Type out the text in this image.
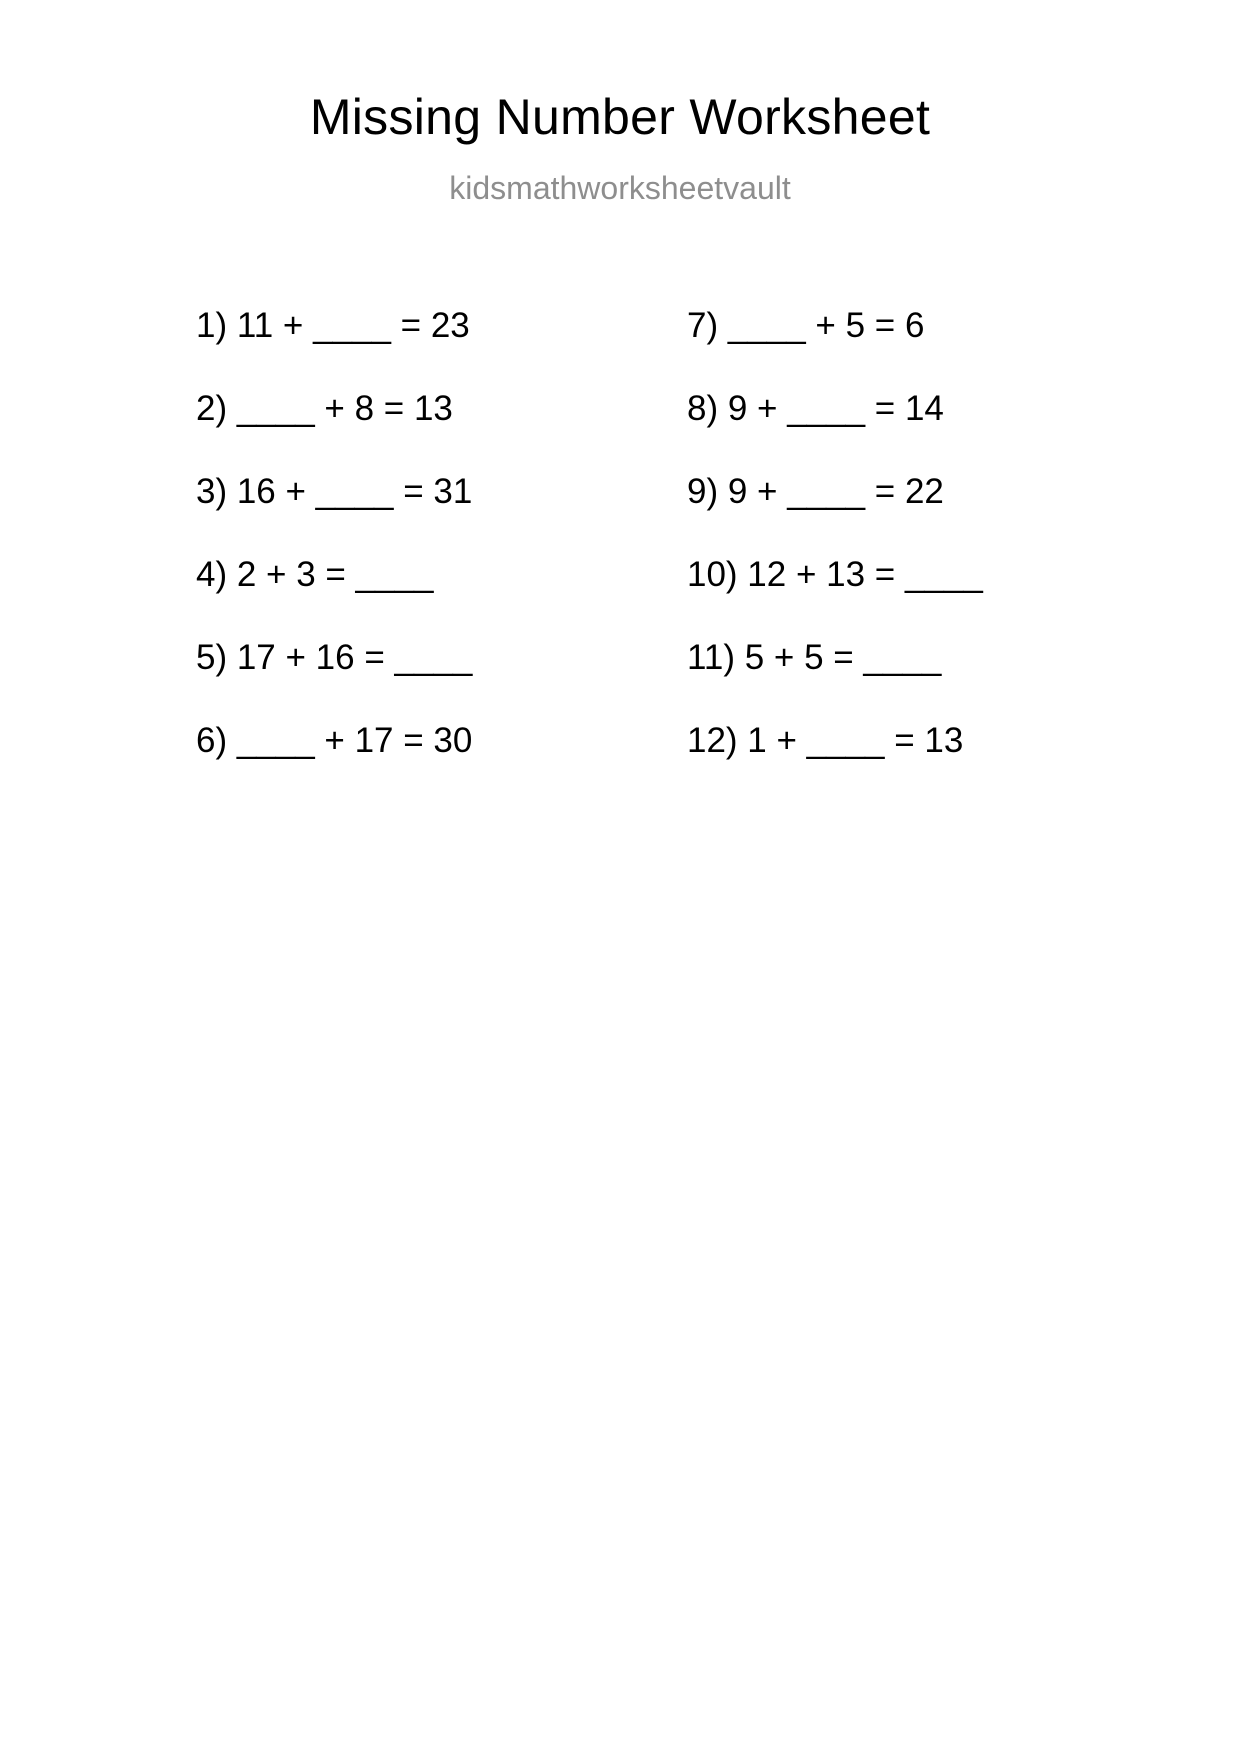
Missing Number Worksheet
kidsmathworksheetvault
1) 11 + ____ = 23
2) ____ + 8 = 13
3) 16 + ____ = 31
4) 2 + 3 = ____
5) 17 + 16 = ____
6) ____ + 17 = 30
7) ____ + 5 = 6
8) 9 + ____ = 14
9) 9 + ____ = 22
10) 12 + 13 = ____
11) 5 + 5 = ____
12) 1 + ____ = 13
